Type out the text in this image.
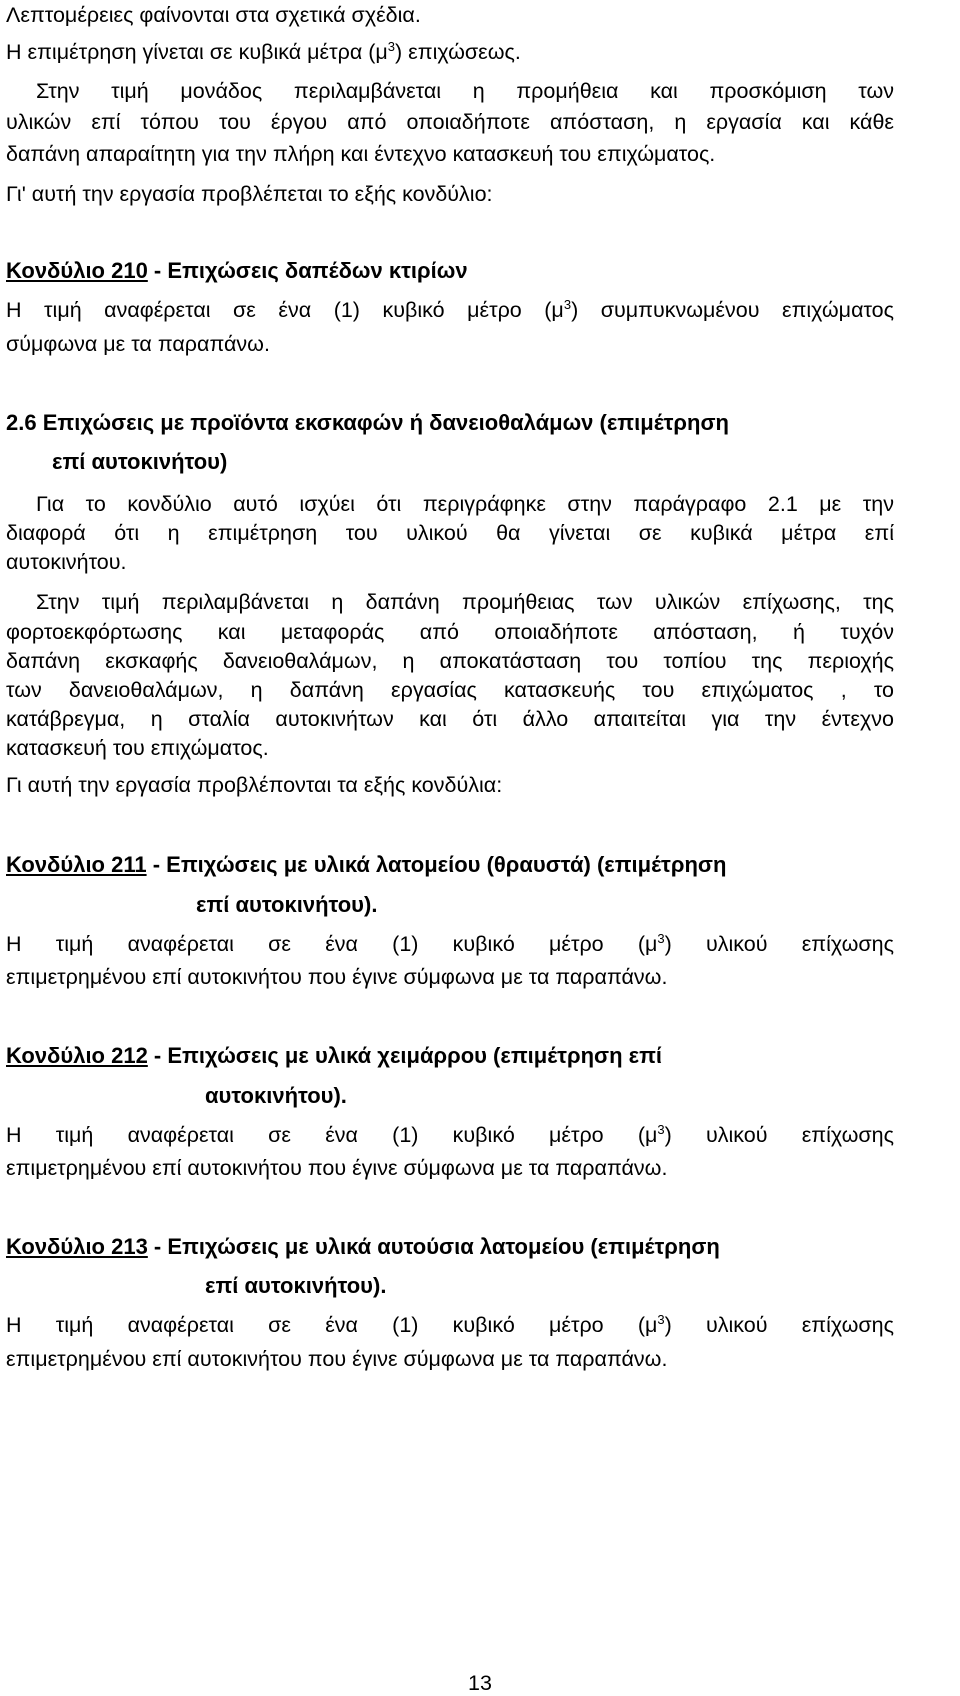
Λεπτομέρειες φαίνονται στα σχετικά σχέδια.

Η επιμέτρηση γίνεται σε κυβικά μέτρα $(\mu^3)$ επιχώσεως.

Στην τιμή μονάδος περιλαμβάνεται η προμήθεια και προσκόμιση των

υλικών επί τόπου του έργου από οποιαδήποτε απόσταση, η εργασία και κάθε

δαπάνη απαραίτητη για την πλήρη και έντεχνο κατασκευή του επιχώματος.

Γι' αυτή την εργασία προβλέπεται το εξής κονδύλιο:

Κονδύλιο 210 - Επιχώσεις δαπέδων κτιρίων

Η τιμή αναφέρεται σε ένα (1) κυβικό μέτρο $(\mu^3)$ συμπυκνωμένου επιχώματος

σύμφωνα με τα παραπάνω.

2.6 Επιχώσεις με προϊόντα εκσκαφών ή δανειοθαλάμων (επιμέτρηση

επί αυτοκινήτου)

Για το κονδύλιο αυτό ισχύει ότι περιγράφηκε στην παράγραφο 2.1 με την

διαφορά ότι η επιμέτρηση του υλικού θα γίνεται σε κυβικά μέτρα επί

αυτοκινήτου.

Στην τιμή περιλαμβάνεται η δαπάνη προμήθειας των υλικών επίχωσης, της

φορτοεκφόρτωσης και μεταφοράς από οποιαδήποτε απόσταση, ή τυχόν

δαπάνη εκσκαφής δανειοθαλάμων, η αποκατάσταση του τοπίου της περιοχής

των δανειοθαλάμων, η δαπάνη εργασίας κατασκευής του επιχώματος , το

κατάβρεγμα, η σταλία αυτοκινήτων και ότι άλλο απαιτείται για την έντεχνο

κατασκευή του επιχώματος.

Γι αυτή την εργασία προβλέπονται τα εξής κονδύλια:

Κονδύλιο 211 - Επιχώσεις με υλικά λατομείου (θραυστά) (επιμέτρηση

επί αυτοκινήτου).

Η τιμή αναφέρεται σε ένα (1) κυβικό μέτρο $(\mu^3)$ υλικού επίχωσης

επιμετρημένου επί αυτοκινήτου που έγινε σύμφωνα με τα παραπάνω.

Κονδύλιο 212 - Επιχώσεις με υλικά χειμάρρου (επιμέτρηση επί

αυτοκινήτου).

Η τιμή αναφέρεται σε ένα (1) κυβικό μέτρο $(\mu^3)$ υλικού επίχωσης

επιμετρημένου επί αυτοκινήτου που έγινε σύμφωνα με τα παραπάνω.

Κονδύλιο 213 - Επιχώσεις με υλικά αυτούσια λατομείου (επιμέτρηση

επί αυτοκινήτου).

Η τιμή αναφέρεται σε ένα (1) κυβικό μέτρο $(\mu^3)$ υλικού επίχωσης

επιμετρημένου επί αυτοκινήτου που έγινε σύμφωνα με τα παραπάνω.

13
